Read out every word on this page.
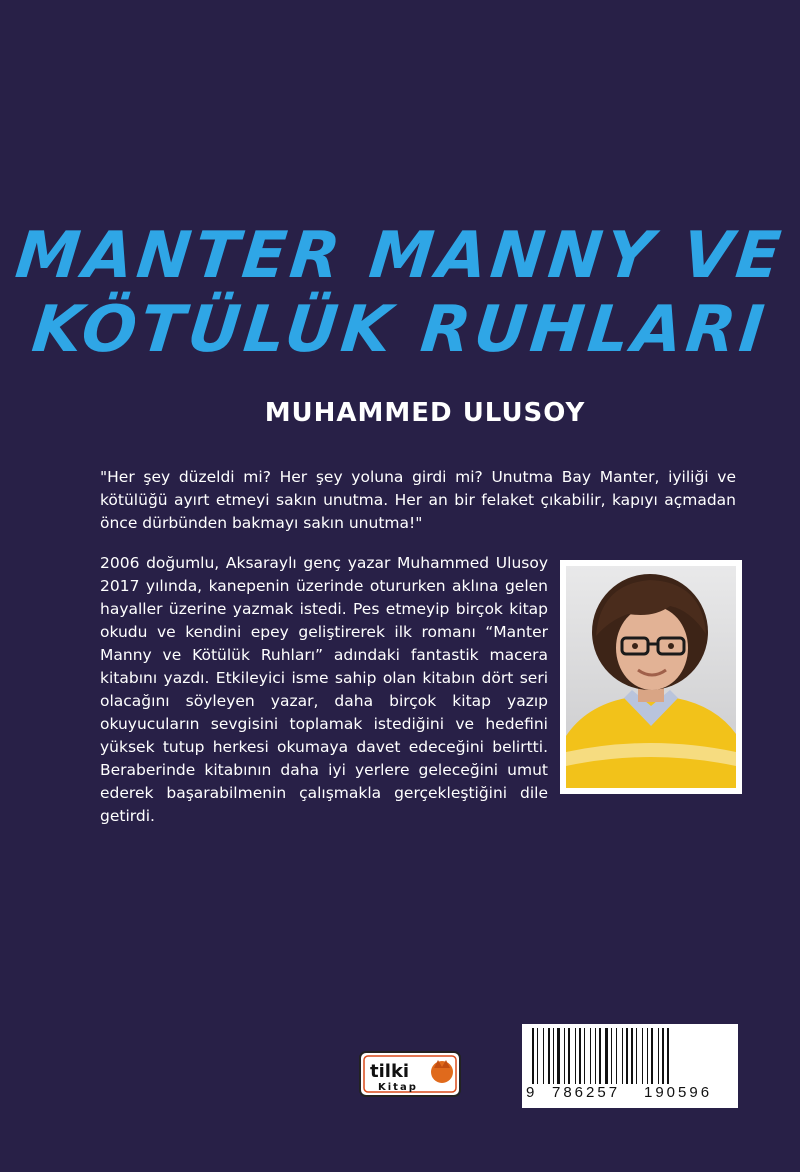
MANTER MANNY VE
KÖTÜLÜK RUHLARI
MUHAMMED ULUSOY
"Her şey düzeldi mi? Her şey yoluna girdi mi? Unutma Bay Manter, iyiliği ve kötülüğü ayırt etmeyi sakın unutma. Her an bir felaket çıkabilir, kapıyı açmadan önce dürbünden bakmayı sakın unutma!"
2006 doğumlu, Aksaraylı genç yazar Muhammed Ulusoy 2017 yılında, kanepenin üzerinde otururken aklına gelen hayaller üzerine yazmak istedi. Pes etmeyip birçok kitap okudu ve kendini epey geliştirerek ilk romanı “Manter Manny ve Kötülük Ruhları” adındaki fantastik macera kitabını yazdı. Etkileyici isme sahip olan kitabın dört seri olacağını söyleyen yazar, daha birçok kitap yazıp okuyucuların sevgisini toplamak istediğini ve hedefini yüksek tutup herkesi okumaya davet edeceğini belirtti. Beraberinde kitabının daha iyi yerlere geleceğini umut ederek başarabilmenin çalışmakla gerçekleştiğini dile getirdi.
tilki
Kitap	9 786257 190596
